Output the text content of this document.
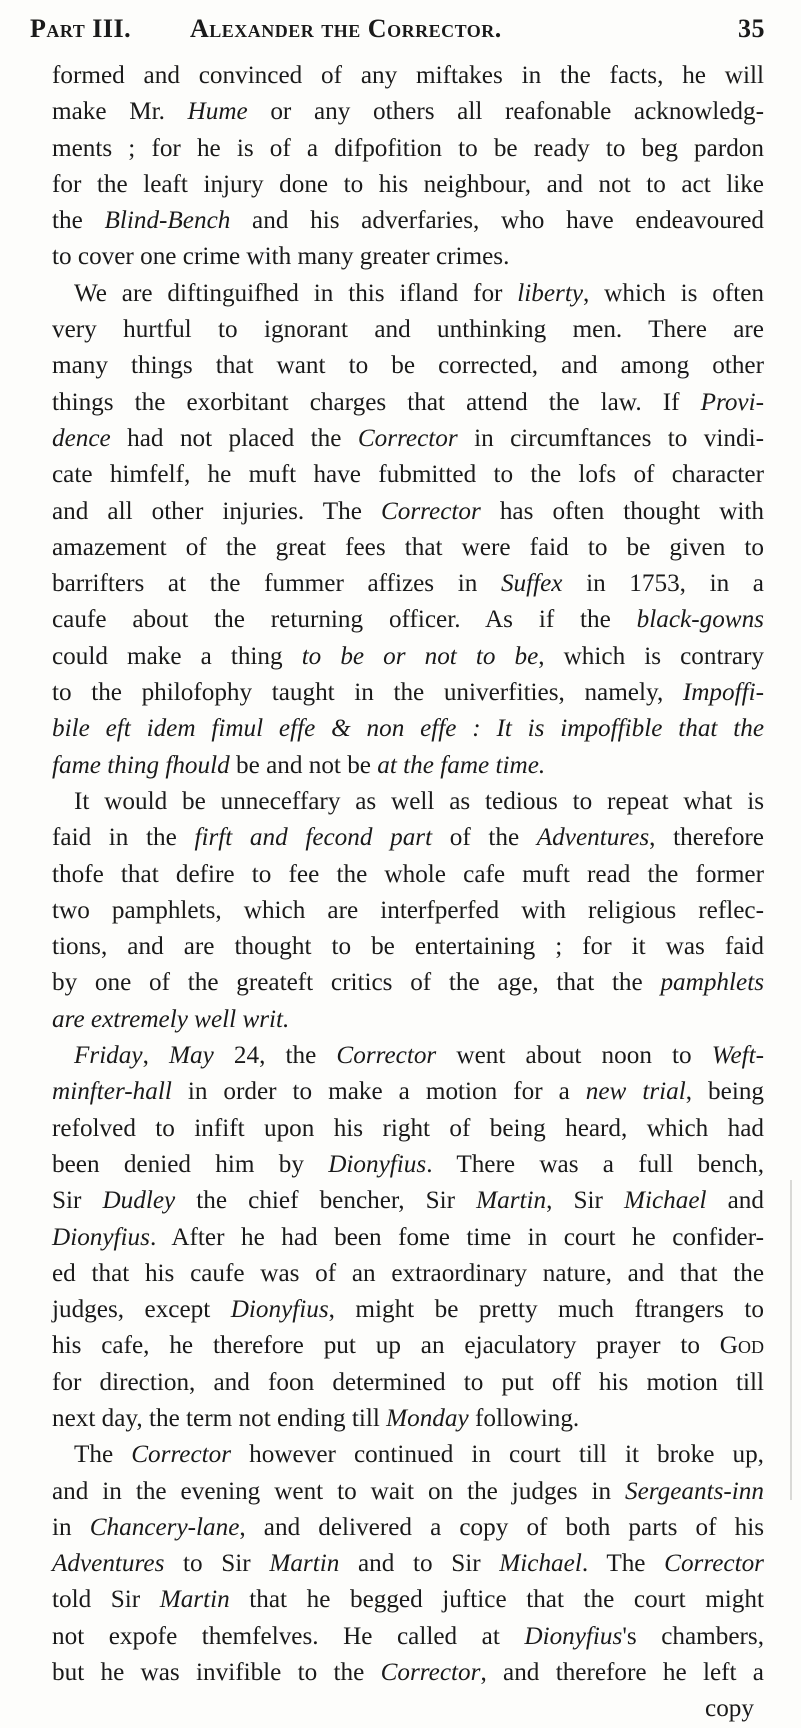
Part III. Alexander the Corrector.	35
formed and convinced of any miftakes in the facts, he will
make Mr. Hume or any others all reafonable acknowledg-
ments ; for he is of a difpofition to be ready to beg pardon
for the leaft injury done to his neighbour, and not to act like
the Blind-Bench and his adverfaries, who have endeavoured
to cover one crime with many greater crimes.
We are diftinguifhed in this ifland for liberty, which is often
very hurtful to ignorant and unthinking men. There are
many things that want to be corrected, and among other
things the exorbitant charges that attend the law. If Provi-
dence had not placed the Corrector in circumftances to vindi-
cate himfelf, he muft have fubmitted to the lofs of character
and all other injuries. The Corrector has often thought with
amazement of the great fees that were faid to be given to
barrifters at the fummer affizes in Suffex in 1753, in a
caufe about the returning officer. As if the black-gowns
could make a thing to be or not to be, which is contrary
to the philofophy taught in the univerfities, namely, Impoffi-
bile eft idem fimul effe & non effe : It is impoffible that the
fame thing fhould be and not be at the fame time.
It would be unneceffary as well as tedious to repeat what is
faid in the firft and fecond part of the Adventures, therefore
thofe that defire to fee the whole cafe muft read the former
two pamphlets, which are interfperfed with religious reflec-
tions, and are thought to be entertaining ; for it was faid
by one of the greateft critics of the age, that the pamphlets
are extremely well writ.
Friday, May 24, the Corrector went about noon to Weft-
minfter-hall in order to make a motion for a new trial, being
refolved to infift upon his right of being heard, which had
been denied him by Dionyfius. There was a full bench,
Sir Dudley the chief bencher, Sir Martin, Sir Michael and
Dionyfius. After he had been fome time in court he confider-
ed that his caufe was of an extraordinary nature, and that the
judges, except Dionyfius, might be pretty much ftrangers to
his cafe, he therefore put up an ejaculatory prayer to God
for direction, and foon determined to put off his motion till
next day, the term not ending till Monday following.
The Corrector however continued in court till it broke up,
and in the evening went to wait on the judges in Sergeants-inn
in Chancery-lane, and delivered a copy of both parts of his
Adventures to Sir Martin and to Sir Michael. The Corrector
told Sir Martin that he begged juftice that the court might
not expofe themfelves. He called at Dionyfius's chambers,
but he was invifible to the Corrector, and therefore he left a
copy
